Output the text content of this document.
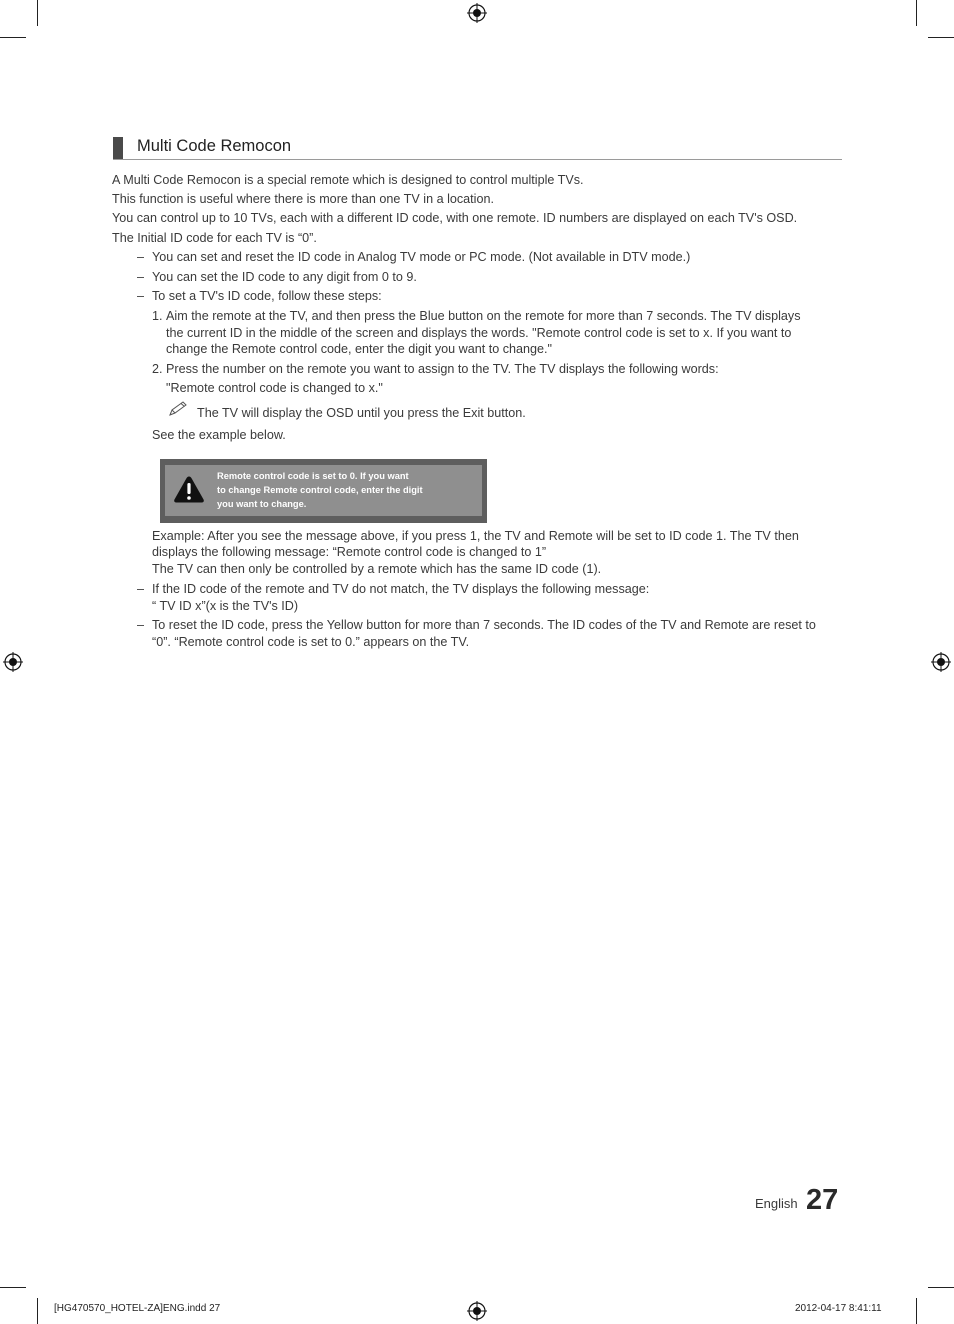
Multi Code Remocon
A Multi Code Remocon is a special remote which is designed to control multiple TVs.
This function is useful where there is more than one TV in a location.
You can control up to 10 TVs, each with a different ID code, with one remote. ID numbers are displayed on each TV's OSD.
The Initial ID code for each TV is “0”.
– You can set and reset the ID code in Analog TV mode or PC mode. (Not available in DTV mode.)
– You can set the ID code to any digit from 0 to 9.
– To set a TV's ID code, follow these steps:
1. Aim the remote at the TV, and then press the Blue button on the remote for more than 7 seconds. The TV displays
the current ID in the middle of the screen and displays the words. "Remote control code is set to x. If you want to
change the Remote control code, enter the digit you want to change."
2. Press the number on the remote you want to assign to the TV. The TV displays the following words:
"Remote control code is changed to x."
The TV will display the OSD until you press the Exit button.
See the example below.
Remote control code is set to 0. If you want
to change Remote control code, enter the digit
you want to change.
Example: After you see the message above, if you press 1, the TV and Remote will be set to ID code 1. The TV then
displays the following message: “Remote control code is changed to 1”
The TV can then only be controlled by a remote which has the same ID code (1).
– If the ID code of the remote and TV do not match, the TV displays the following message:
“ TV ID x”(x is the TV's ID)
– To reset the ID code, press the Yellow button for more than 7 seconds. The ID codes of the TV and Remote are reset to
“0”. “Remote control code is set to 0.” appears on the TV.
English 27
[HG470570_HOTEL-ZA]ENG.indd 27	2012-04-17 8:41:11
